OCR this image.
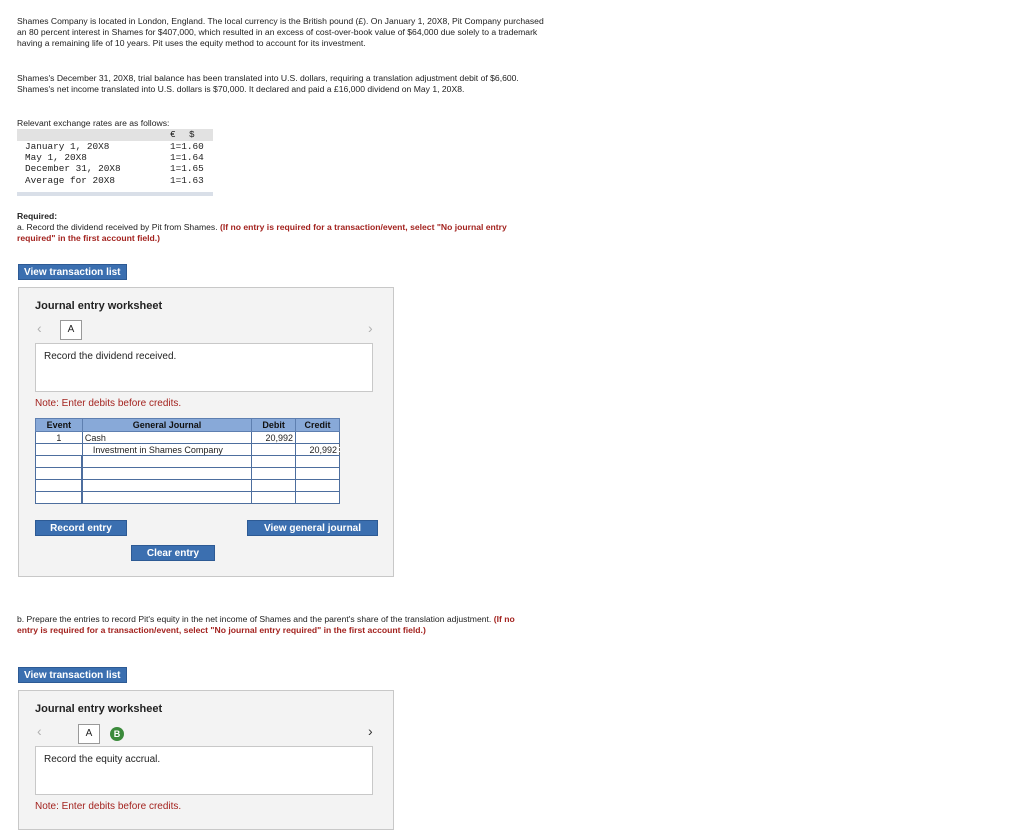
Shames Company is located in London, England. The local currency is the British pound (£). On January 1, 20X8, Pit Company purchased an 80 percent interest in Shames for $407,000, which resulted in an excess of cost-over-book value of $64,000 due solely to a trademark having a remaining life of 10 years. Pit uses the equity method to account for its investment.
Shames's December 31, 20X8, trial balance has been translated into U.S. dollars, requiring a translation adjustment debit of $6,600. Shames's net income translated into U.S. dollars is $70,000. It declared and paid a £16,000 dividend on May 1, 20X8.
Relevant exchange rates are as follows:
€ $
January 1, 20X8	1=1.60
May 1, 20X8	1=1.64
December 31, 20X8	1=1.65
Average for 20X8	1=1.63
Required:
a. Record the dividend received by Pit from Shames. (If no entry is required for a transaction/event, select "No journal entry required" in the first account field.)
View transaction list
Journal entry worksheet
‹	A	›
Record the dividend received.
Note: Enter debits before credits.
Event	General Journal	Debit	Credit
1	Cash	20,992	
	Investment in Shames Company		20,992

Record entry	View general journal
Clear entry
b. Prepare the entries to record Pit's equity in the net income of Shames and the parent's share of the translation adjustment. (If no entry is required for a transaction/event, select "No journal entry required" in the first account field.)
View transaction list
Journal entry worksheet
‹	A	B	›
Record the equity accrual.
Note: Enter debits before credits.
